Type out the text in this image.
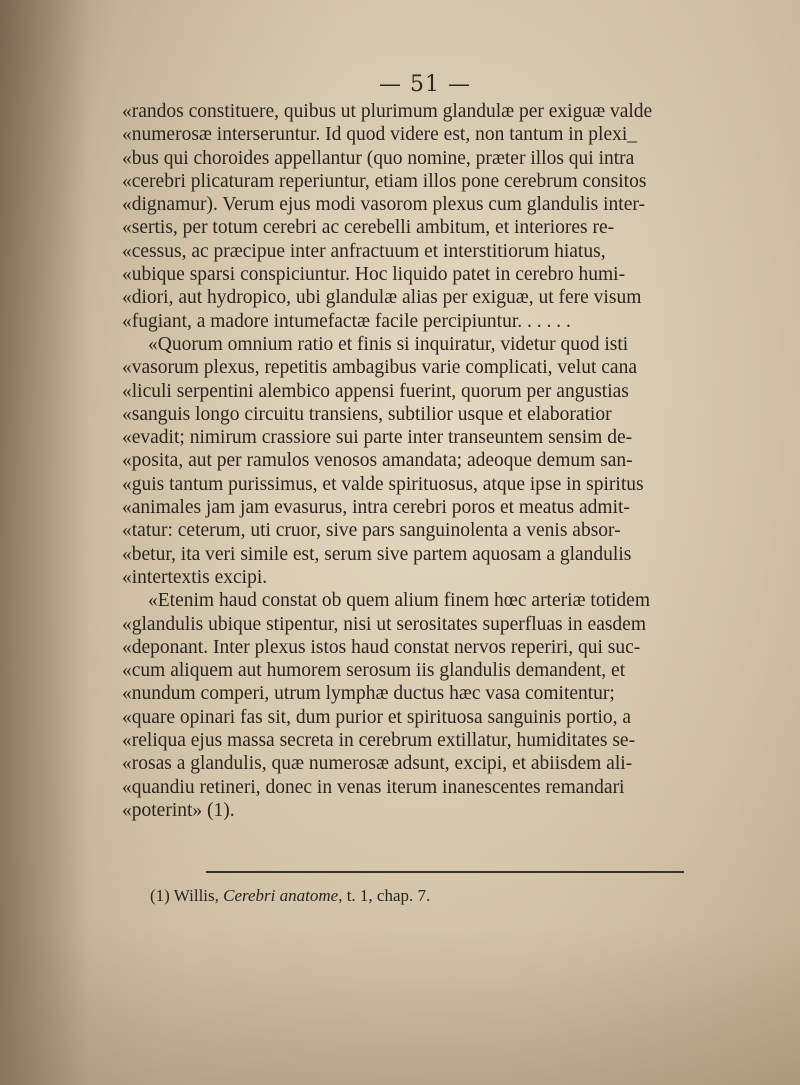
— 51 —
«randos constituere, quibus ut plurimum glandulæ per exiguæ valde
«numerosæ interseruntur. Id quod videre est, non tantum in plexi_
«bus qui choroides appellantur (quo nomine, præter illos qui intra
«cerebri plicaturam reperiuntur, etiam illos pone cerebrum consitos
«dignamur). Verum ejus modi vasorom plexus cum glandulis inter-
«sertis, per totum cerebri ac cerebelli ambitum, et interiores re-
«cessus, ac præcipue inter anfractuum et interstitiorum hiatus,
«ubique sparsi conspiciuntur. Hoc liquido patet in cerebro humi-
«diori, aut hydropico, ubi glandulæ alias per exiguæ, ut fere visum
«fugiant, a madore intumefactæ facile percipiuntur. . . . . .
«Quorum omnium ratio et finis si inquiratur, videtur quod isti
«vasorum plexus, repetitis ambagibus varie complicati, velut cana
«liculi serpentini alembico appensi fuerint, quorum per angustias
«sanguis longo circuitu transiens, subtilior usque et elaboratior
«evadit; nimirum crassiore sui parte inter transeuntem sensim de-
«posita, aut per ramulos venosos amandata; adeoque demum san-
«guis tantum purissimus, et valde spirituosus, atque ipse in spiritus
«animales jam jam evasurus, intra cerebri poros et meatus admit-
«tatur: ceterum, uti cruor, sive pars sanguinolenta a venis absor-
«betur, ita veri simile est, serum sive partem aquosam a glandulis
«intertextis excipi.
«Etenim haud constat ob quem alium finem hœc arteriæ totidem
«glandulis ubique stipentur, nisi ut serositates superfluas in easdem
«deponant. Inter plexus istos haud constat nervos reperiri, qui suc-
«cum aliquem aut humorem serosum iis glandulis demandent, et
«nundum comperi, utrum lymphæ ductus hæc vasa comitentur;
«quare opinari fas sit, dum purior et spirituosa sanguinis portio, a
«reliqua ejus massa secreta in cerebrum extillatur, humiditates se-
«rosas a glandulis, quæ numerosæ adsunt, excipi, et abiisdem ali-
«quandiu retineri, donec in venas iterum inanescentes remandari
«poterint» (1).
(1) Willis, Cerebri anatome, t. 1, chap. 7.
